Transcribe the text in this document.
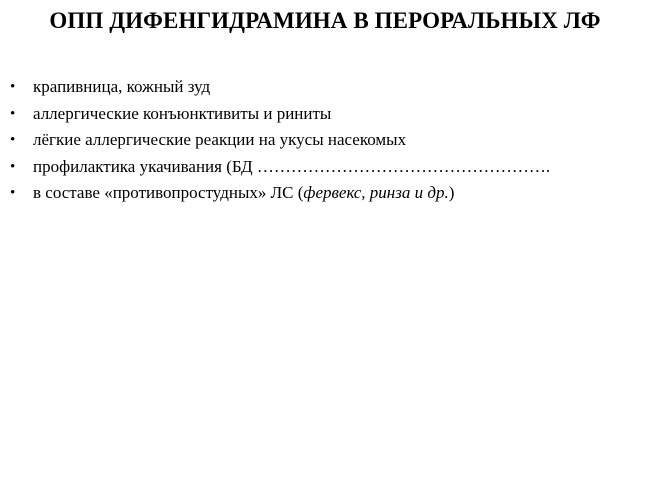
ОПП ДИФЕНГИДРАМИНА В ПЕРОРАЛЬНЫХ ЛФ
• крапивница, кожный зуд
• аллергические конъюнктивиты и риниты
• лёгкие аллергические реакции на укусы насекомых
• профилактика укачивания (БД …………………………………………….
• в составе «противопростудных» ЛС (фервекс, ринза и др.)
